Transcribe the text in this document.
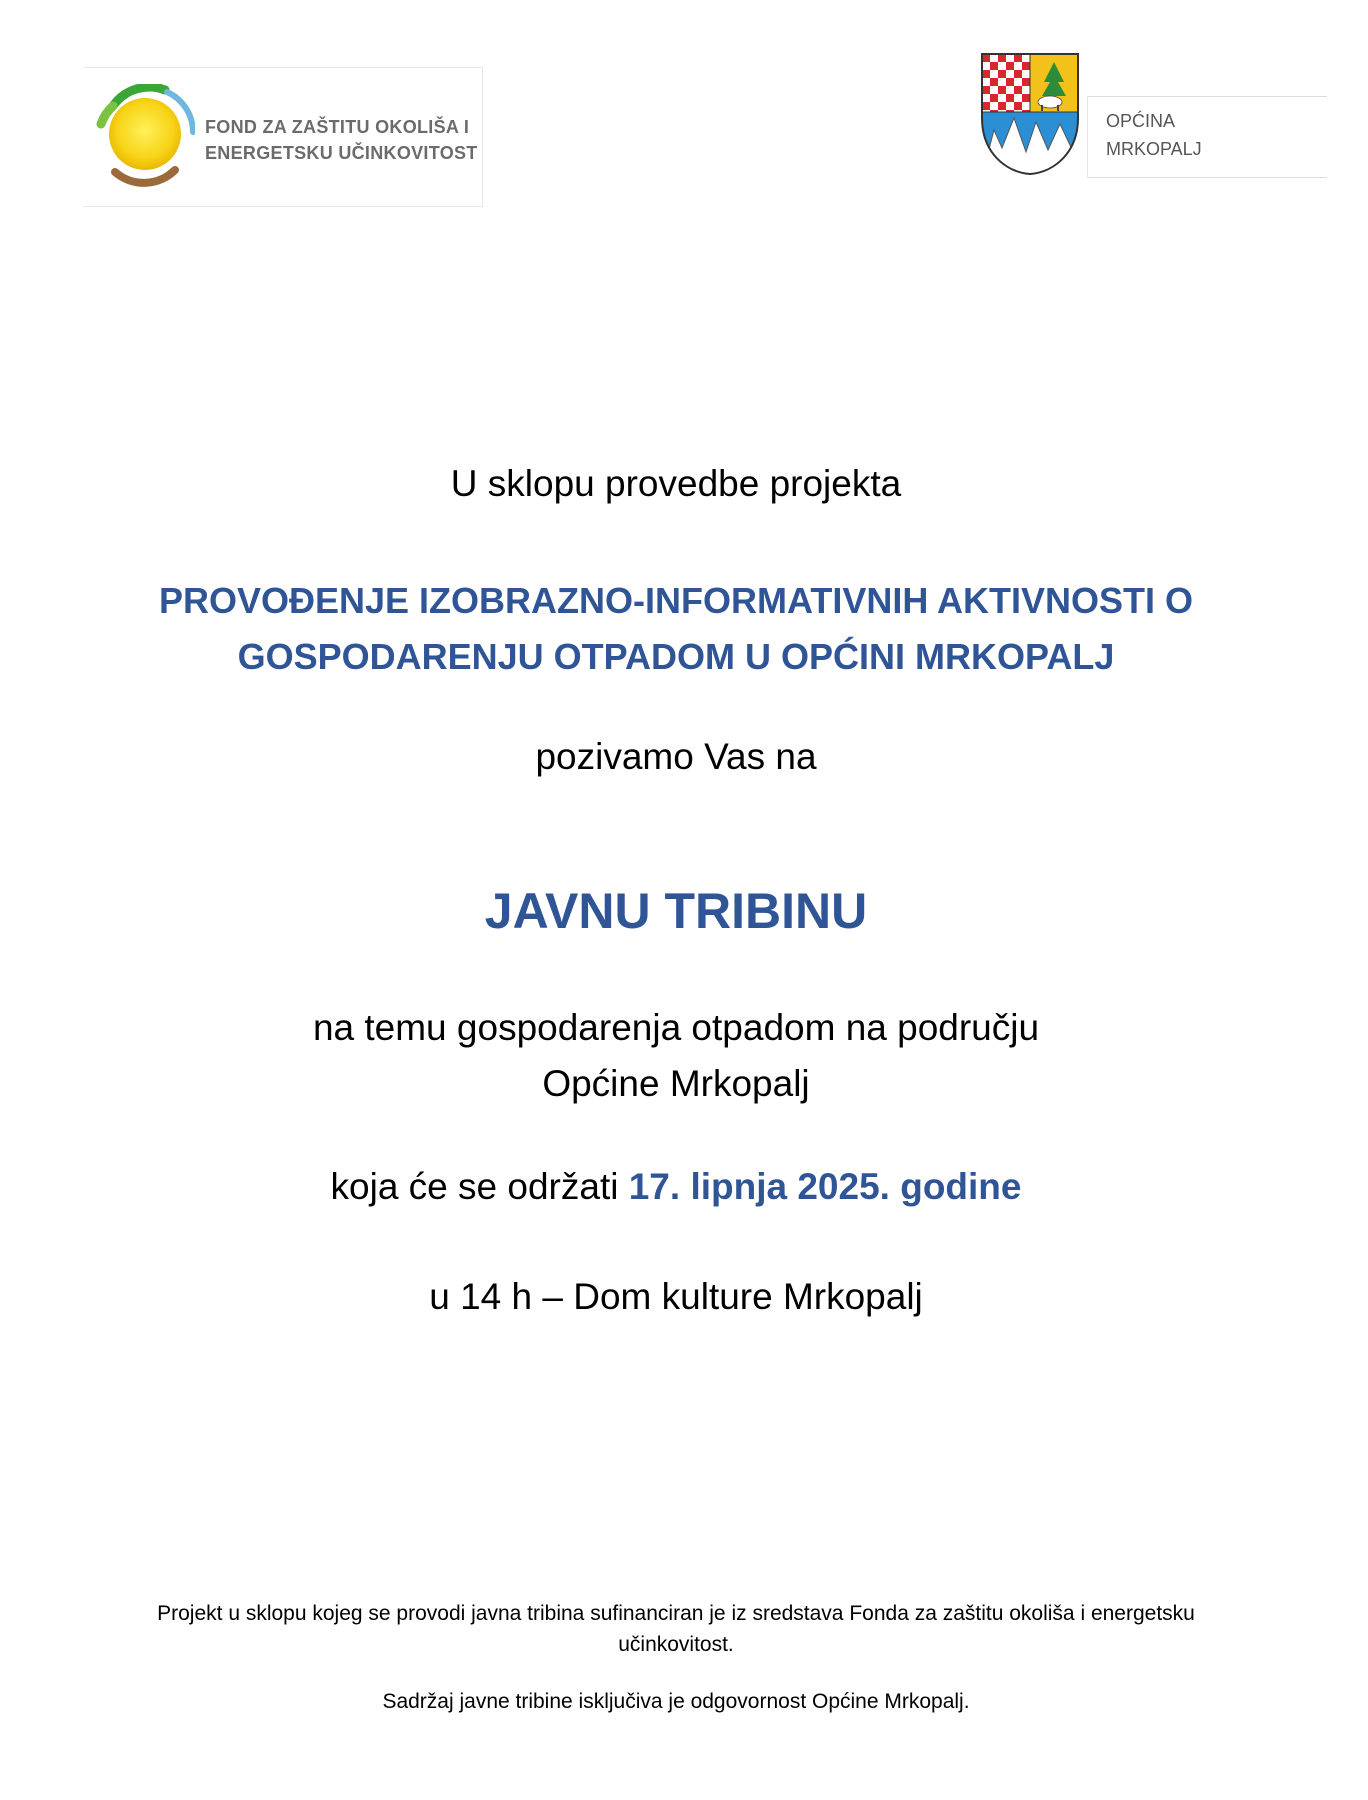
FOND ZA ZAŠTITU OKOLIŠA I
ENERGETSKU UČINKOVITOST
OPĆINA
MRKOPALJ
U sklopu provedbe projekta
PROVOĐENJE IZOBRAZNO-INFORMATIVNIH AKTIVNOSTI O
GOSPODARENJU OTPADOM U OPĆINI MRKOPALJ
pozivamo Vas na
JAVNU TRIBINU
na temu gospodarenja otpadom na području
Općine Mrkopalj
koja će se održati 17. lipnja 2025. godine
u 14 h – Dom kulture Mrkopalj
Projekt u sklopu kojeg se provodi javna tribina sufinanciran je iz sredstava Fonda za zaštitu okoliša i energetsku
učinkovitost.
Sadržaj javne tribine isključiva je odgovornost Općine Mrkopalj.
